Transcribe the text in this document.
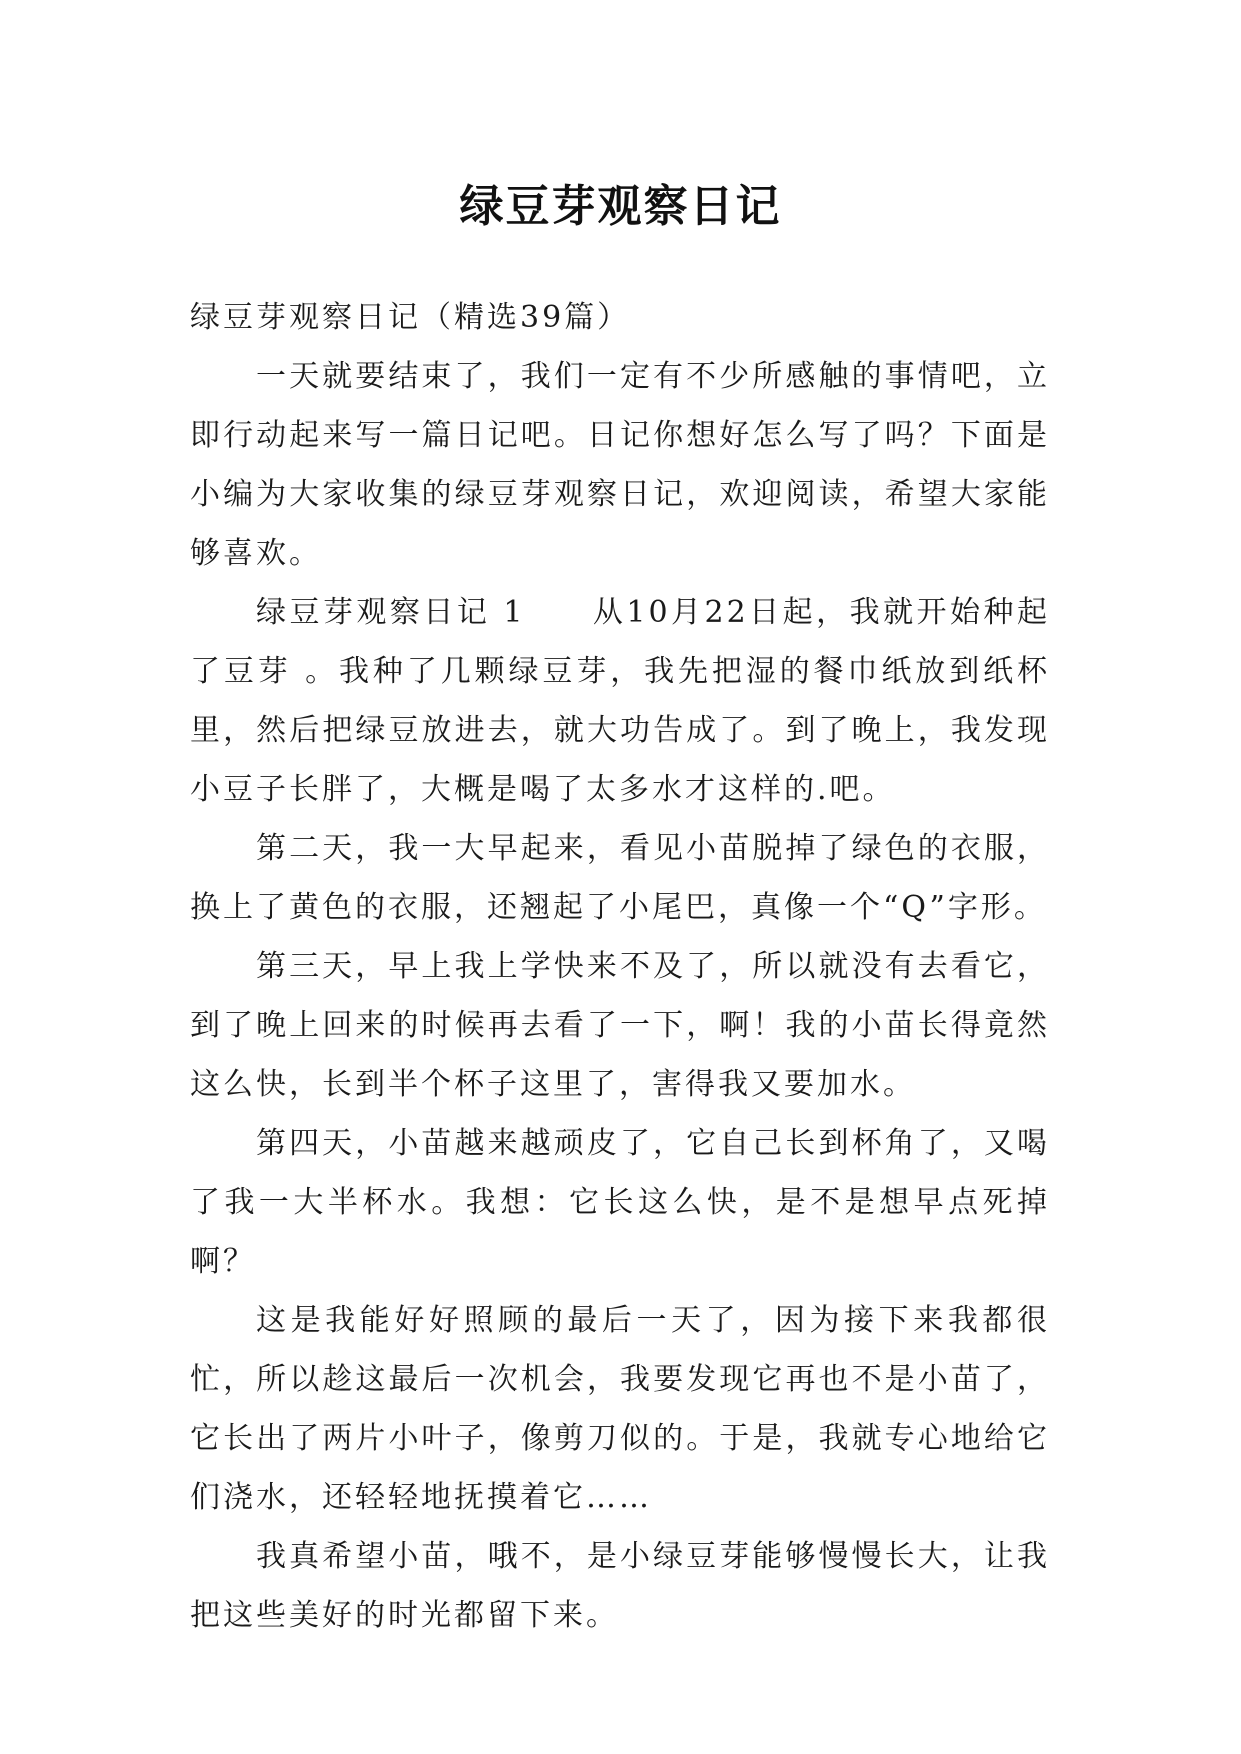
绿豆芽观察日记

绿豆芽观察日记（精选39篇）

一天就要结束了，我们一定有不少所感触的事情吧，立即行动起来写一篇日记吧。日记你想好怎么写了吗？下面是小编为大家收集的绿豆芽观察日记，欢迎阅读，希望大家能够喜欢。

绿豆芽观察日记 1　　从10月22日起，我就开始种起了豆芽 。我种了几颗绿豆芽，我先把湿的餐巾纸放到纸杯里，然后把绿豆放进去，就大功告成了。到了晚上，我发现小豆子长胖了，大概是喝了太多水才这样的.吧。

第二天，我一大早起来，看见小苗脱掉了绿色的衣服，换上了黄色的衣服，还翘起了小尾巴，真像一个“Q”字形。

第三天，早上我上学快来不及了，所以就没有去看它，到了晚上回来的时候再去看了一下，啊！我的小苗长得竟然这么快，长到半个杯子这里了，害得我又要加水。

第四天，小苗越来越顽皮了，它自己长到杯角了，又喝了我一大半杯水。我想：它长这么快，是不是想早点死掉啊？

这是我能好好照顾的最后一天了，因为接下来我都很忙，所以趁这最后一次机会，我要发现它再也不是小苗了，它长出了两片小叶子，像剪刀似的。于是，我就专心地给它们浇水，还轻轻地抚摸着它……

我真希望小苗，哦不，是小绿豆芽能够慢慢长大，让我把这些美好的时光都留下来。
